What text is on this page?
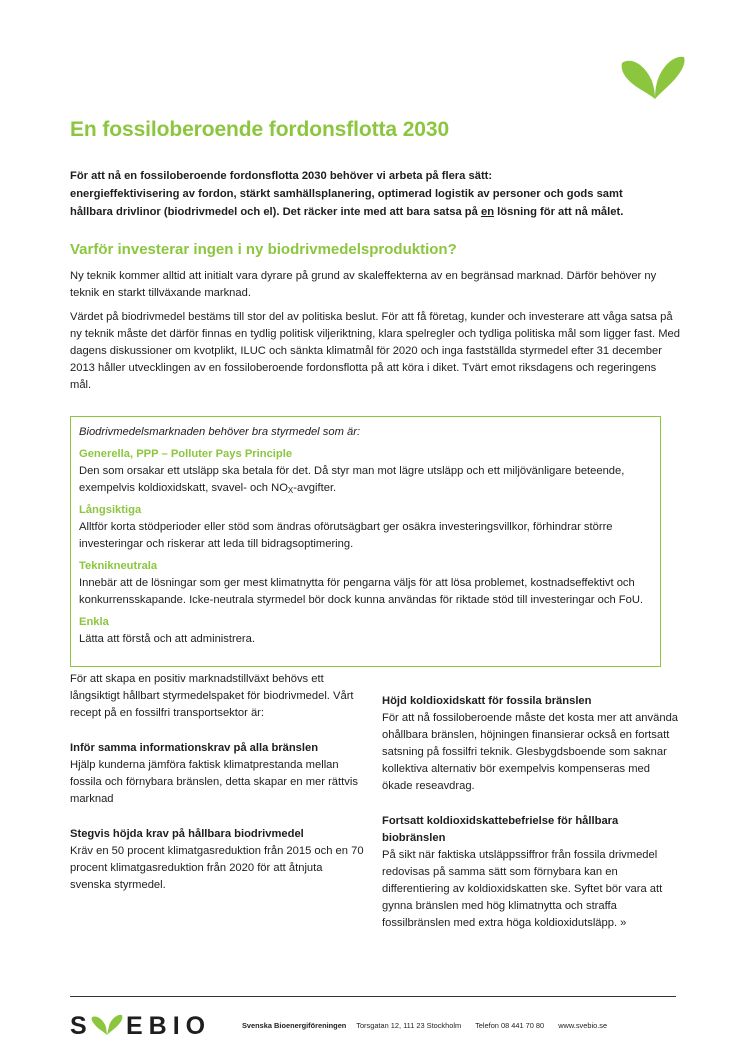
En fossiloberoende fordonsflotta 2030
För att nå en fossiloberoende fordonsflotta 2030 behöver vi arbeta på flera sätt:
energieffektivisering av fordon, stärkt samhällsplanering, optimerad logistik av personer och gods samt
hållbara drivlinor (biodrivmedel och el). Det räcker inte med att bara satsa på en lösning för att nå målet.
Varför investerar ingen i ny biodrivmedelsproduktion?

Ny teknik kommer alltid att initialt vara dyrare på grund av skaleffekterna av en begränsad marknad. Därför behöver ny teknik en starkt tillväxande marknad.

Värdet på biodrivmedel bestäms till stor del av politiska beslut. För att få företag, kunder och investerare att våga satsa på ny teknik måste det därför finnas en tydlig politisk viljeriktning, klara spelregler och tydliga politiska mål som ligger fast. Med dagens diskussioner om kvotplikt, ILUC och sänkta klimatmål för 2020 och inga fastställda styrmedel efter 31 december 2013 håller utvecklingen av en fossiloberoende fordonsflotta på att köra i diket. Tvärt emot riksdagens och regeringens mål.

Biodrivmedelsmarknaden behöver bra styrmedel som är:
Generella, PPP – Polluter Pays Principle
Den som orsakar ett utsläpp ska betala för det. Då styr man mot lägre utsläpp och ett miljövänligare beteende, exempelvis koldioxidskatt, svavel- och $NO_X$-avgifter.
Långsiktiga
Alltför korta stödperioder eller stöd som ändras oförutsägbart ger osäkra investeringsvillkor, förhindrar större investeringar och riskerar att leda till bidragsoptimering.
Teknikneutrala
Innebär att de lösningar som ger mest klimatnytta för pengarna väljs för att lösa problemet, kostnadseffektivt och konkurrensskapande. Icke-neutrala styrmedel bör dock kunna användas för riktade stöd till investeringar och FoU.
Enkla
Lätta att förstå och att administrera.

För att skapa en positiv marknadstillväxt behövs ett långsiktigt hållbart styrmedelspaket för biodrivmedel. Vårt recept på en fossilfri transportsektor är:

Inför samma informationskrav på alla bränslen
Hjälp kunderna jämföra faktisk klimatprestanda mellan fossila och förnybara bränslen, detta skapar en mer rättvis marknad
Stegvis höjda krav på hållbara biodrivmedel
Kräv en 50 procent klimatgasreduktion från 2015 och en 70 procent klimatgasreduktion från 2020 för att åtnjuta svenska styrmedel.
Höjd koldioxidskatt för fossila bränslen
För att nå fossiloberoende måste det kosta mer att använda ohållbara bränslen, höjningen finansierar också en fortsatt satsning på fossilfri teknik. Glesbygdsboende som saknar kollektiva alternativ bör exempelvis kompenseras med ökade reseavdrag.
Fortsatt koldioxidskattebefrielse för hållbara biobränslen
På sikt när faktiska utsläppssiffror från fossila drivmedel redovisas på samma sätt som förnybara kan en differentiering av koldioxidskatten ske. Syftet bör vara att gynna bränslen med hög klimatnytta och straffa fossilbränslen med extra höga koldioxidutsläpp. »
S EBIO	Svenska Bioenergiföreningen Torsgatan 12, 111 23 Stockholm Telefon 08 441 70 80 www.svebio.se
